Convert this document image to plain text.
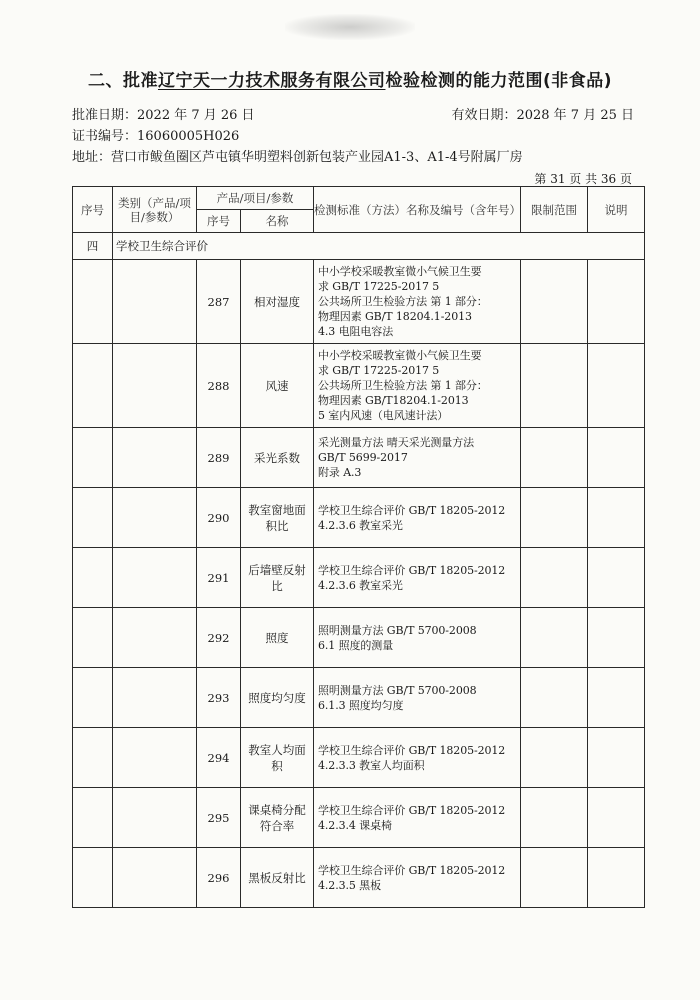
二、批准辽宁天一力技术服务有限公司检验检测的能力范围(非食品)
批准日期：2022 年 7 月 26 日	有效日期：2028 年 7 月 25 日
证书编号：16060005H026
地址：营口市鲅鱼圈区芦屯镇华明塑料创新包装产业园A1-3、A1-4号附属厂房
第 31 页 共 36 页
序号	类别（产品/项目/参数）	产品/项目/参数		检测标准（方法）名称及编号（含年号）	限制范围	说明
		序号	名称			
四	学校卫生综合评价					
		287	相对湿度	中小学校采暖教室微小气候卫生要
求 GB/T 17225-2017 5
公共场所卫生检验方法 第 1 部分：
物理因素 GB/T 18204.1-2013
4.3 电阻电容法		

		288	风速	中小学校采暖教室微小气候卫生要
求 GB/T 17225-2017 5
公共场所卫生检验方法 第 1 部分：
物理因素 GB/T18204.1-2013
5 室内风速（电风速计法）		

		289	采光系数	采光测量方法 晴天采光测量方法
GB/T 5699-2017
附录 A.3		

		290	教室窗地面积比	学校卫生综合评价 GB/T 18205-2012
4.2.3.6 教室采光		

		291	后墙壁反射比	学校卫生综合评价 GB/T 18205-2012
4.2.3.6 教室采光		

		292	照度	照明测量方法 GB/T 5700-2008
6.1 照度的测量		

		293	照度均匀度	照明测量方法 GB/T 5700-2008
6.1.3 照度均匀度		

		294	教室人均面积	学校卫生综合评价 GB/T 18205-2012
4.2.3.3 教室人均面积		

		295	课桌椅分配符合率	学校卫生综合评价 GB/T 18205-2012
4.2.3.4 课桌椅		

		296	黑板反射比	学校卫生综合评价 GB/T 18205-2012
4.2.3.5 黑板		
